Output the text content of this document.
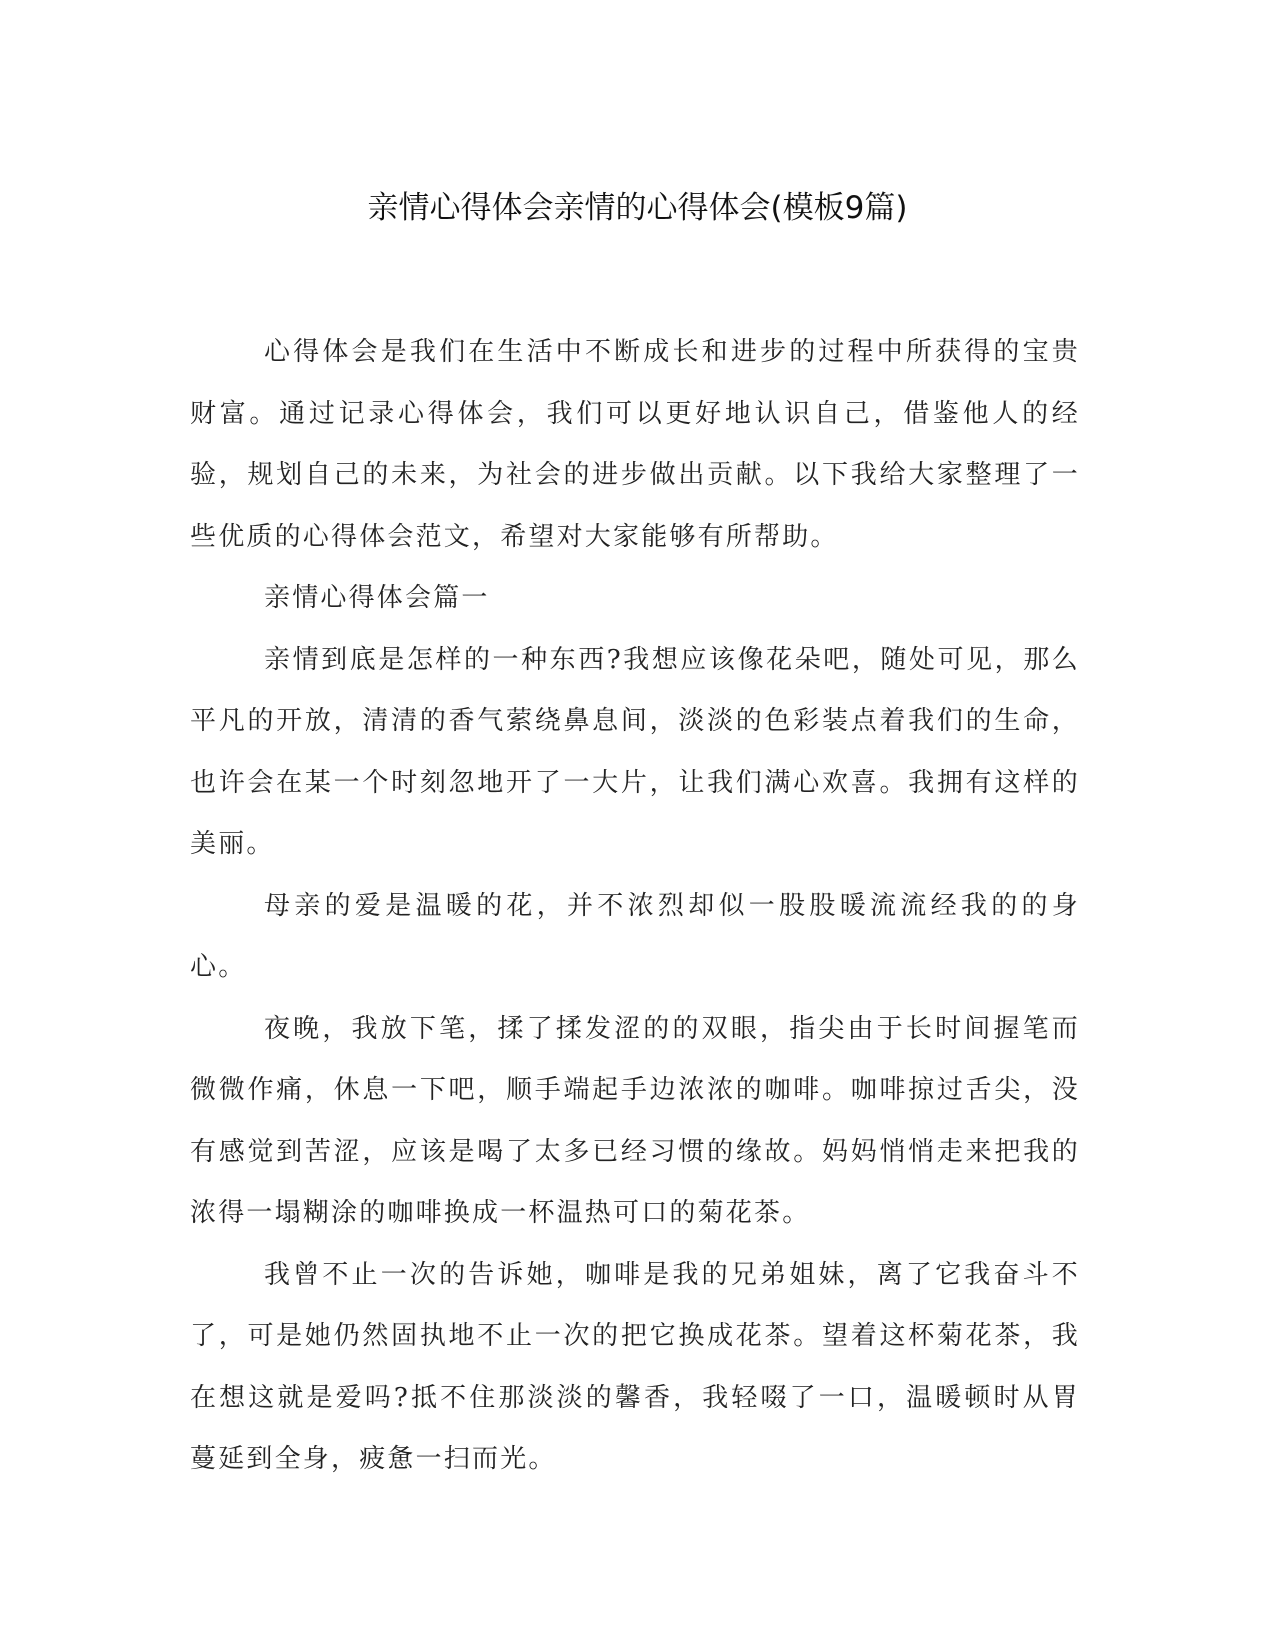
亲情心得体会亲情的心得体会(模板9篇)

心得体会是我们在生活中不断成长和进步的过程中所获得的宝贵财富。通过记录心得体会，我们可以更好地认识自己，借鉴他人的经验，规划自己的未来，为社会的进步做出贡献。以下我给大家整理了一些优质的心得体会范文，希望对大家能够有所帮助。

亲情心得体会篇一

亲情到底是怎样的一种东西?我想应该像花朵吧，随处可见，那么平凡的开放，清清的香气萦绕鼻息间，淡淡的色彩装点着我们的生命，也许会在某一个时刻忽地开了一大片，让我们满心欢喜。我拥有这样的美丽。

母亲的爱是温暖的花，并不浓烈却似一股股暖流流经我的的身心。

夜晚，我放下笔，揉了揉发涩的的双眼，指尖由于长时间握笔而微微作痛，休息一下吧，顺手端起手边浓浓的咖啡。咖啡掠过舌尖，没有感觉到苦涩，应该是喝了太多已经习惯的缘故。妈妈悄悄走来把我的浓得一塌糊涂的咖啡换成一杯温热可口的菊花茶。

我曾不止一次的告诉她，咖啡是我的兄弟姐妹，离了它我奋斗不了，可是她仍然固执地不止一次的把它换成花茶。望着这杯菊花茶，我在想这就是爱吗?抵不住那淡淡的馨香，我轻啜了一口，温暖顿时从胃蔓延到全身，疲惫一扫而光。
